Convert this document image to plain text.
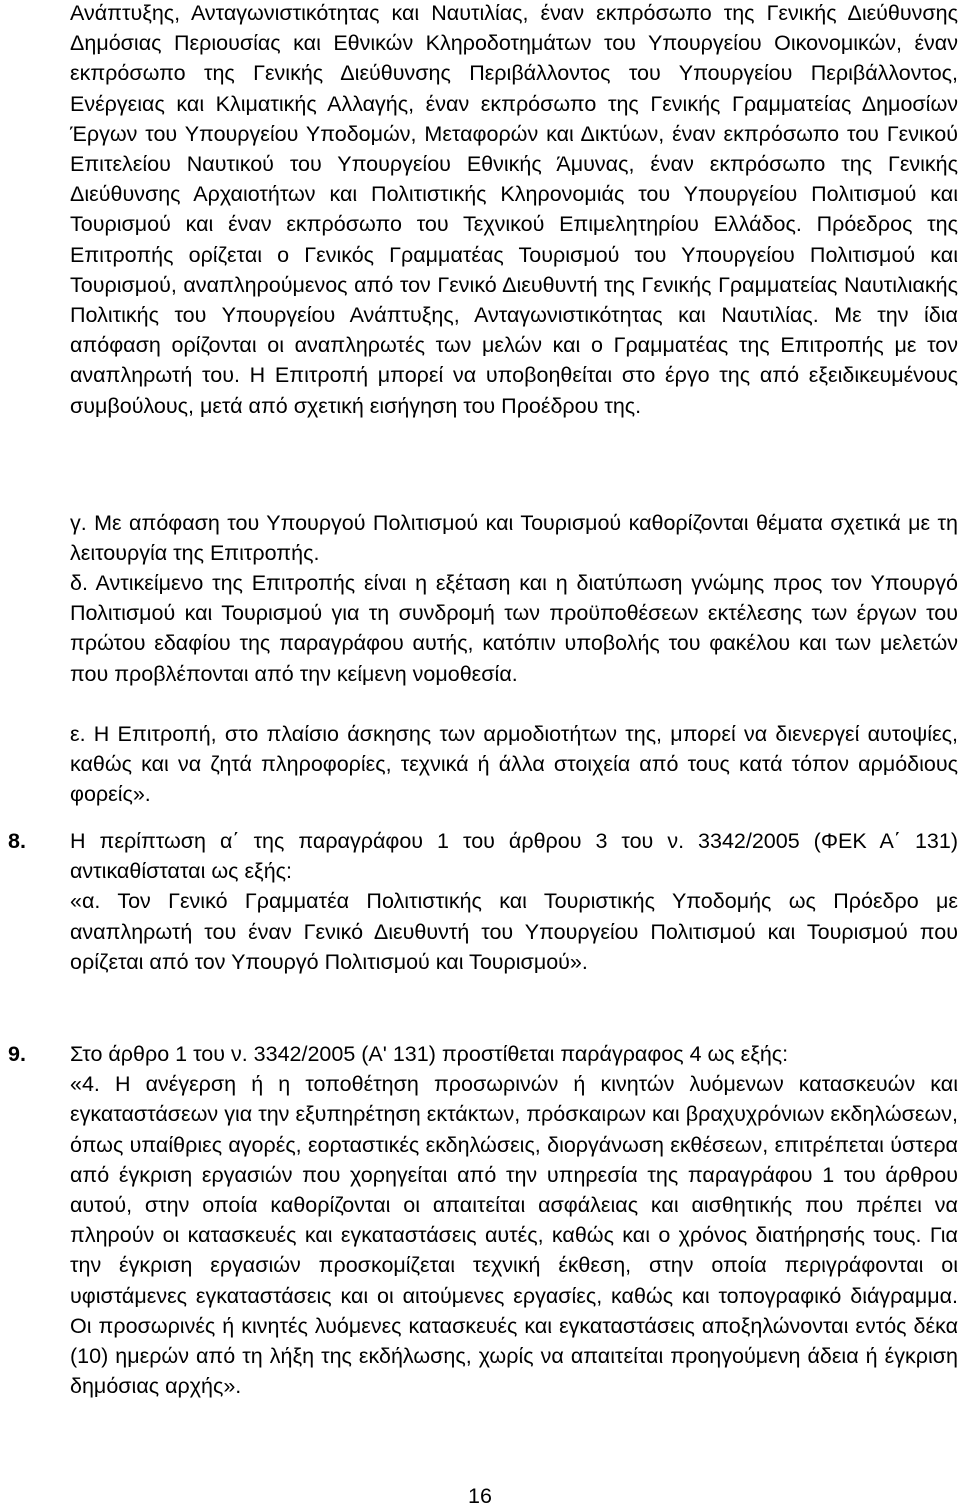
Ανάπτυξης, Ανταγωνιστικότητας και Ναυτιλίας, έναν εκπρόσωπο της Γενικής Διεύθυνσης Δημόσιας Περιουσίας και Εθνικών Κληροδοτημάτων του Υπουργείου Οικονομικών, έναν εκπρόσωπο της Γενικής Διεύθυνσης Περιβάλλοντος του Υπουργείου Περιβάλλοντος, Ενέργειας και Κλιματικής Αλλαγής, έναν εκπρόσωπο της Γενικής Γραμματείας Δημοσίων Έργων του Υπουργείου Υποδομών, Μεταφορών και Δικτύων, έναν εκπρόσωπο του Γενικού Επιτελείου Ναυτικού του Υπουργείου Εθνικής Άμυνας, έναν εκπρόσωπο της Γενικής Διεύθυνσης Αρχαιοτήτων και Πολιτιστικής Κληρονομιάς του Υπουργείου Πολιτισμού και Τουρισμού και έναν εκπρόσωπο του Τεχνικού Επιμελητηρίου Ελλάδος. Πρόεδρος της Επιτροπής ορίζεται ο Γενικός Γραμματέας Τουρισμού του Υπουργείου Πολιτισμού και Τουρισμού, αναπληρούμενος από τον Γενικό Διευθυντή της Γενικής Γραμματείας Ναυτιλιακής Πολιτικής του Υπουργείου Ανάπτυξης, Ανταγωνιστικότητας και Ναυτιλίας. Με την ίδια απόφαση ορίζονται οι αναπληρωτές των μελών και ο Γραμματέας της Επιτροπής με τον αναπληρωτή του. Η Επιτροπή μπορεί να υποβοηθείται στο έργο της από εξειδικευμένους συμβούλους, μετά από σχετική εισήγηση του Προέδρου της.

γ. Με απόφαση του Υπουργού Πολιτισμού και Τουρισμού καθορίζονται θέματα σχετικά με τη λειτουργία της Επιτροπής.

δ. Αντικείμενο της Επιτροπής είναι η εξέταση και η διατύπωση γνώμης προς τον Υπουργό Πολιτισμού και Τουρισμού για τη συνδρομή των προϋποθέσεων εκτέλεσης των έργων του πρώτου εδαφίου της παραγράφου αυτής, κατόπιν υποβολής του φακέλου και των μελετών που προβλέπονται από την κείμενη νομοθεσία.

ε. Η Επιτροπή, στο πλαίσιο άσκησης των αρμοδιοτήτων της, μπορεί να διενεργεί αυτοψίες, καθώς και να ζητά πληροφορίες, τεχνικά ή άλλα στοιχεία από τους κατά τόπον αρμόδιους φορείς».

8. Η περίπτωση α΄ της παραγράφου 1 του άρθρου 3 του ν. 3342/2005 (ΦΕΚ Α΄ 131) αντικαθίσταται ως εξής:
«α. Τον Γενικό Γραμματέα Πολιτιστικής και Τουριστικής Υποδομής ως Πρόεδρο με αναπληρωτή του έναν Γενικό Διευθυντή του Υπουργείου Πολιτισμού και Τουρισμού που ορίζεται από τον Υπουργό Πολιτισμού και Τουρισμού».
9. Στο άρθρο 1 του ν. 3342/2005 (Α' 131) προστίθεται παράγραφος 4 ως εξής:
«4. Η ανέγερση ή η τοποθέτηση προσωρινών ή κινητών λυόμενων κατασκευών και εγκαταστάσεων για την εξυπηρέτηση εκτάκτων, πρόσκαιρων και βραχυχρόνιων εκδηλώσεων, όπως υπαίθριες αγορές, εορταστικές εκδηλώσεις, διοργάνωση εκθέσεων, επιτρέπεται ύστερα από έγκριση εργασιών που χορηγείται από την υπηρεσία της παραγράφου 1 του άρθρου αυτού, στην οποία καθορίζονται οι απαιτείται ασφάλειας και αισθητικής που πρέπει να πληρούν οι κατασκευές και εγκαταστάσεις αυτές, καθώς και ο χρόνος διατήρησής τους. Για την έγκριση εργασιών προσκομίζεται τεχνική έκθεση, στην οποία περιγράφονται οι υφιστάμενες εγκαταστάσεις και οι αιτούμενες εργασίες, καθώς και τοπογραφικό διάγραμμα. Οι προσωρινές ή κινητές λυόμενες κατασκευές και εγκαταστάσεις αποξηλώνονται εντός δέκα (10) ημερών από τη λήξη της εκδήλωσης, χωρίς να απαιτείται προηγούμενη άδεια ή έγκριση δημόσιας αρχής».
16
